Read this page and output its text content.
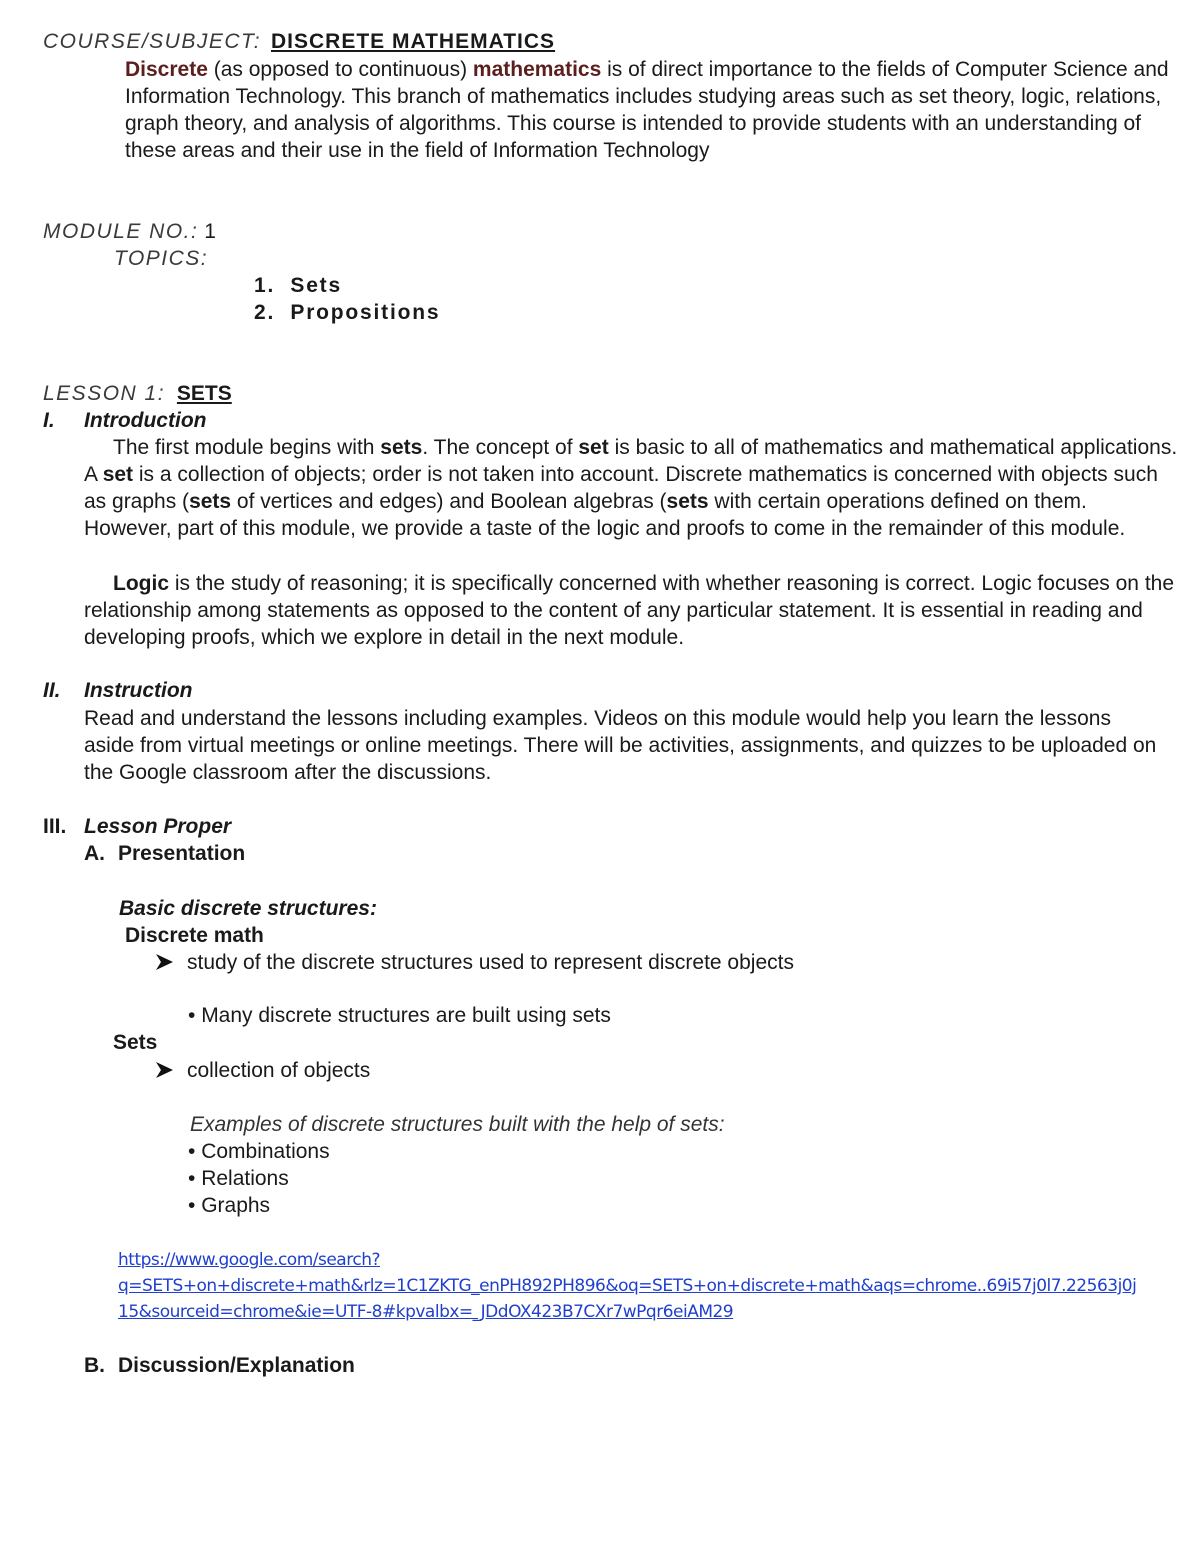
COURSE/SUBJECT: DISCRETE MATHEMATICS
Discrete (as opposed to continuous) mathematics is of direct importance to the fields of Computer Science and Information Technology. This branch of mathematics includes studying areas such as set theory, logic, relations, graph theory, and analysis of algorithms. This course is intended to provide students with an understanding of these areas and their use in the field of Information Technology
MODULE NO.: 1
TOPICS:
1.  Sets
2.  Propositions
LESSON 1: SETS
I. Introduction
The first module begins with sets. The concept of set is basic to all of mathematics and mathematical applications. A set is a collection of objects; order is not taken into account. Discrete mathematics is concerned with objects such as graphs (sets of vertices and edges) and Boolean algebras (sets with certain operations defined on them. However, part of this module, we provide a taste of the logic and proofs to come in the remainder of this module.
Logic is the study of reasoning; it is specifically concerned with whether reasoning is correct. Logic focuses on the relationship among statements as opposed to the content of any particular statement. It is essential in reading and developing proofs, which we explore in detail in the next module.
II. Instruction
Read and understand the lessons including examples. Videos on this module would help you learn the lessons aside from virtual meetings or online meetings. There will be activities, assignments, and quizzes to be uploaded on the Google classroom after the discussions.
III. Lesson Proper
A. Presentation
Basic discrete structures:
Discrete math
study of the discrete structures used to represent discrete objects
• Many discrete structures are built using sets
Sets
collection of objects
Examples of discrete structures built with the help of sets:
• Combinations
• Relations
• Graphs
https://www.google.com/search?
q=SETS+on+discrete+math&rlz=1C1ZKTG_enPH892PH896&oq=SETS+on+discrete+math&aqs=chrome..69i57j0l7.22563j0j
15&sourceid=chrome&ie=UTF-8#kpvalbx=_JDdOX423B7CXr7wPqr6eiAM29
B. Discussion/Explanation
